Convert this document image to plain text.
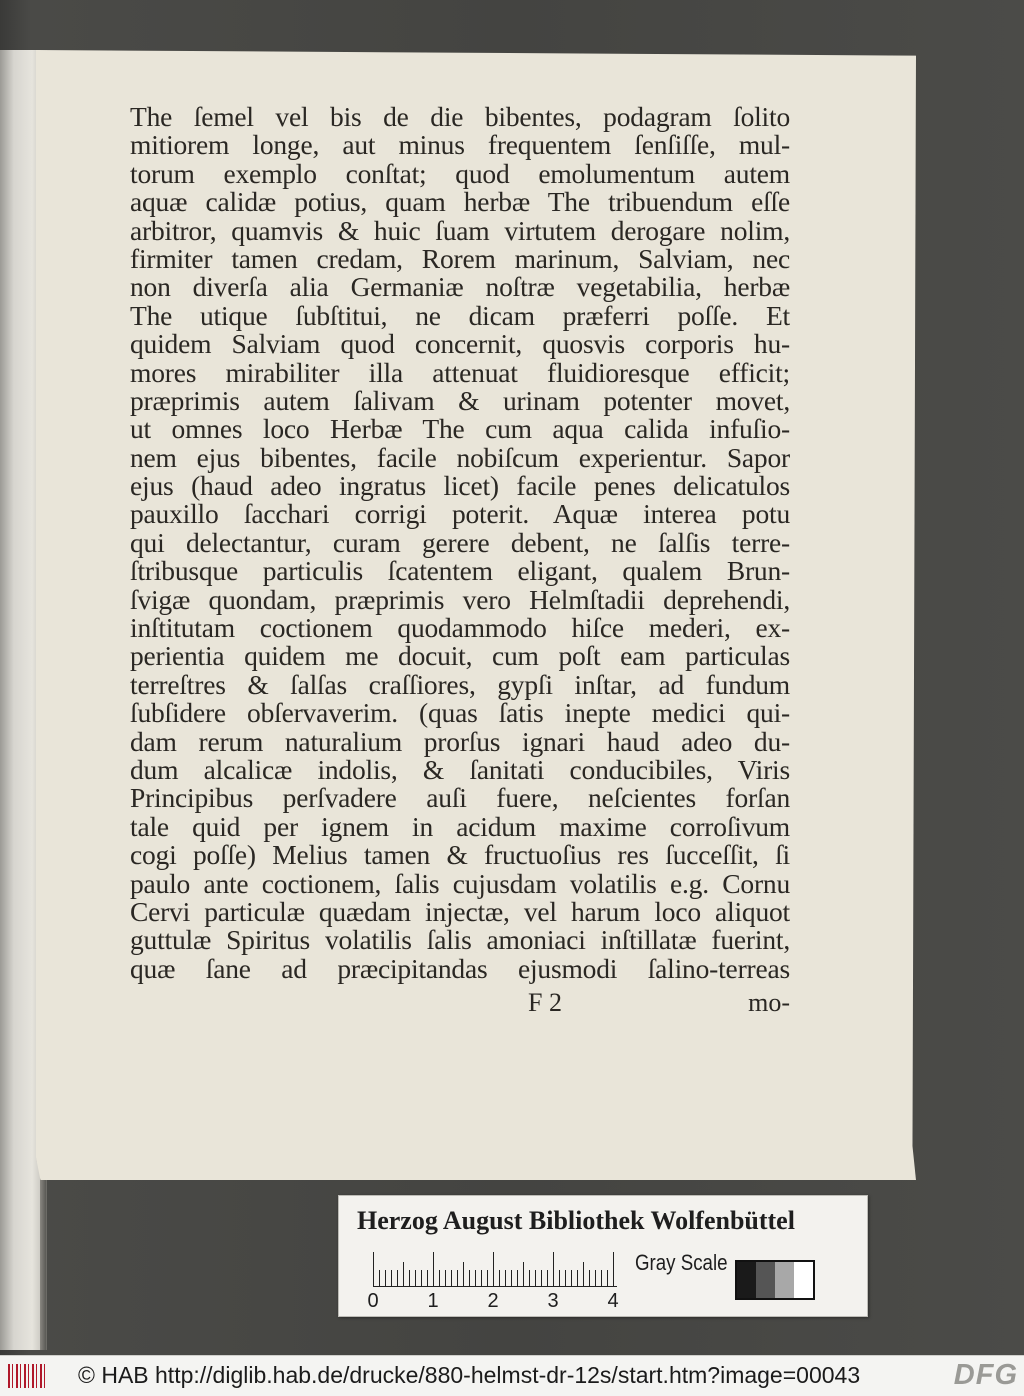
The ſemel vel bis de die bibentes, podagram ſolito
mitiorem longe, aut minus frequentem ſenſiſſe, mul-
torum exemplo conſtat; quod emolumentum autem
aquæ calidæ potius, quam herbæ The tribuendum eſſe
arbitror, quamvis & huic ſuam virtutem derogare nolim,
firmiter tamen credam, Rorem marinum, Salviam, nec
non diverſa alia Germaniæ noſtræ vegetabilia, herbæ
The utique ſubſtitui, ne dicam præferri poſſe. Et
quidem Salviam quod concernit, quosvis corporis hu-
mores mirabiliter illa attenuat fluidioresque efficit;
præprimis autem ſalivam & urinam potenter movet,
ut omnes loco Herbæ The cum aqua calida infuſio-
nem ejus bibentes, facile nobiſcum experientur. Sapor
ejus (haud adeo ingratus licet) facile penes delicatulos
pauxillo ſacchari corrigi poterit. Aquæ interea potu
qui delectantur, curam gerere debent, ne ſalſis terre-
ſtribusque particulis ſcatentem eligant, qualem Brun-
ſvigæ quondam, præprimis vero Helmſtadii deprehendi,
inſtitutam coctionem quodammodo hiſce mederi, ex-
perientia quidem me docuit, cum poſt eam particulas
terreſtres & ſalſas craſſiores, gypſi inſtar, ad fundum
ſubſidere obſervaverim. (quas ſatis inepte medici qui-
dam rerum naturalium prorſus ignari haud adeo du-
dum alcalicæ indolis, & ſanitati conducibiles, Viris
Principibus perſvadere auſi fuere, neſcientes forſan
tale quid per ignem in acidum maxime corroſivum
cogi poſſe) Melius tamen & fructuoſius res ſucceſſit, ſi
paulo ante coctionem, ſalis cujusdam volatilis e.g. Cornu
Cervi particulæ quædam injectæ, vel harum loco aliquot
guttulæ Spiritus volatilis ſalis amoniaci inſtillatæ fuerint,
quæ ſane ad præcipitandas ejusmodi ſalino-terreas
F 2	mo-
Herzog August Bibliothek Wolfenbüttel
0 1 2 3 4
Gray Scale
© HAB http://diglib.hab.de/drucke/880-helmst-dr-12s/start.htm?image=00043	DFG
